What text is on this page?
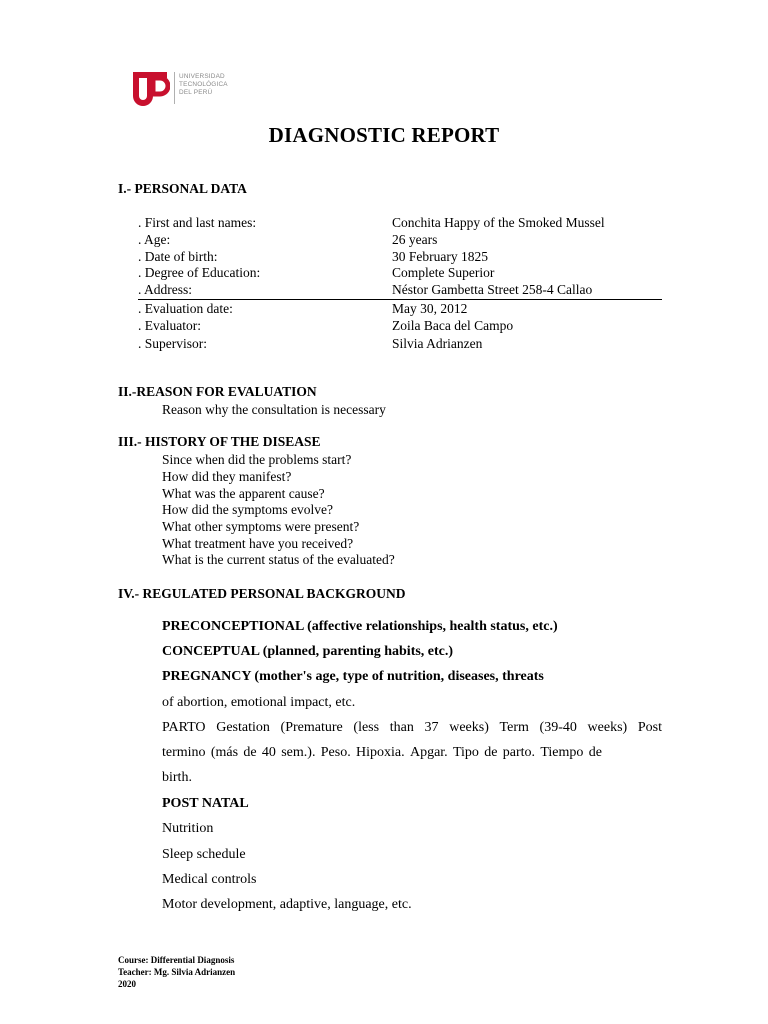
UNIVERSIDAD
TECNOLÓGICA
DEL PERÚ
DIAGNOSTIC REPORT
I.- PERSONAL DATA
. First and last names:	Conchita Happy of the Smoked Mussel
. Age:	26 years
. Date of birth:	30 February 1825
. Degree of Education:	Complete Superior
. Address:	Néstor Gambetta Street 258-4 Callao
. Evaluation date:	May 30, 2012
. Evaluator:	Zoila Baca del Campo
. Supervisor:	Silvia Adrianzen
II.-REASON FOR EVALUATION
Reason why the consultation is necessary
III.- HISTORY OF THE DISEASE
Since when did the problems start?
How did they manifest?
What was the apparent cause?
How did the symptoms evolve?
What other symptoms were present?
What treatment have you received?
What is the current status of the evaluated?
IV.- REGULATED PERSONAL BACKGROUND
PRECONCEPTIONAL (affective relationships, health status, etc.)
CONCEPTUAL (planned, parenting habits, etc.)
PREGNANCY (mother's age, type of nutrition, diseases, threats
of abortion, emotional impact, etc.
PARTO Gestation (Premature (less than 37 weeks) Term (39-40 weeks) Post
termino (más de 40 sem.). Peso. Hipoxia. Apgar. Tipo de parto. Tiempo de
birth.
POST NATAL
Nutrition
Sleep schedule
Medical controls
Motor development, adaptive, language, etc.
Course: Differential Diagnosis
Teacher: Mg. Silvia Adrianzen
2020
